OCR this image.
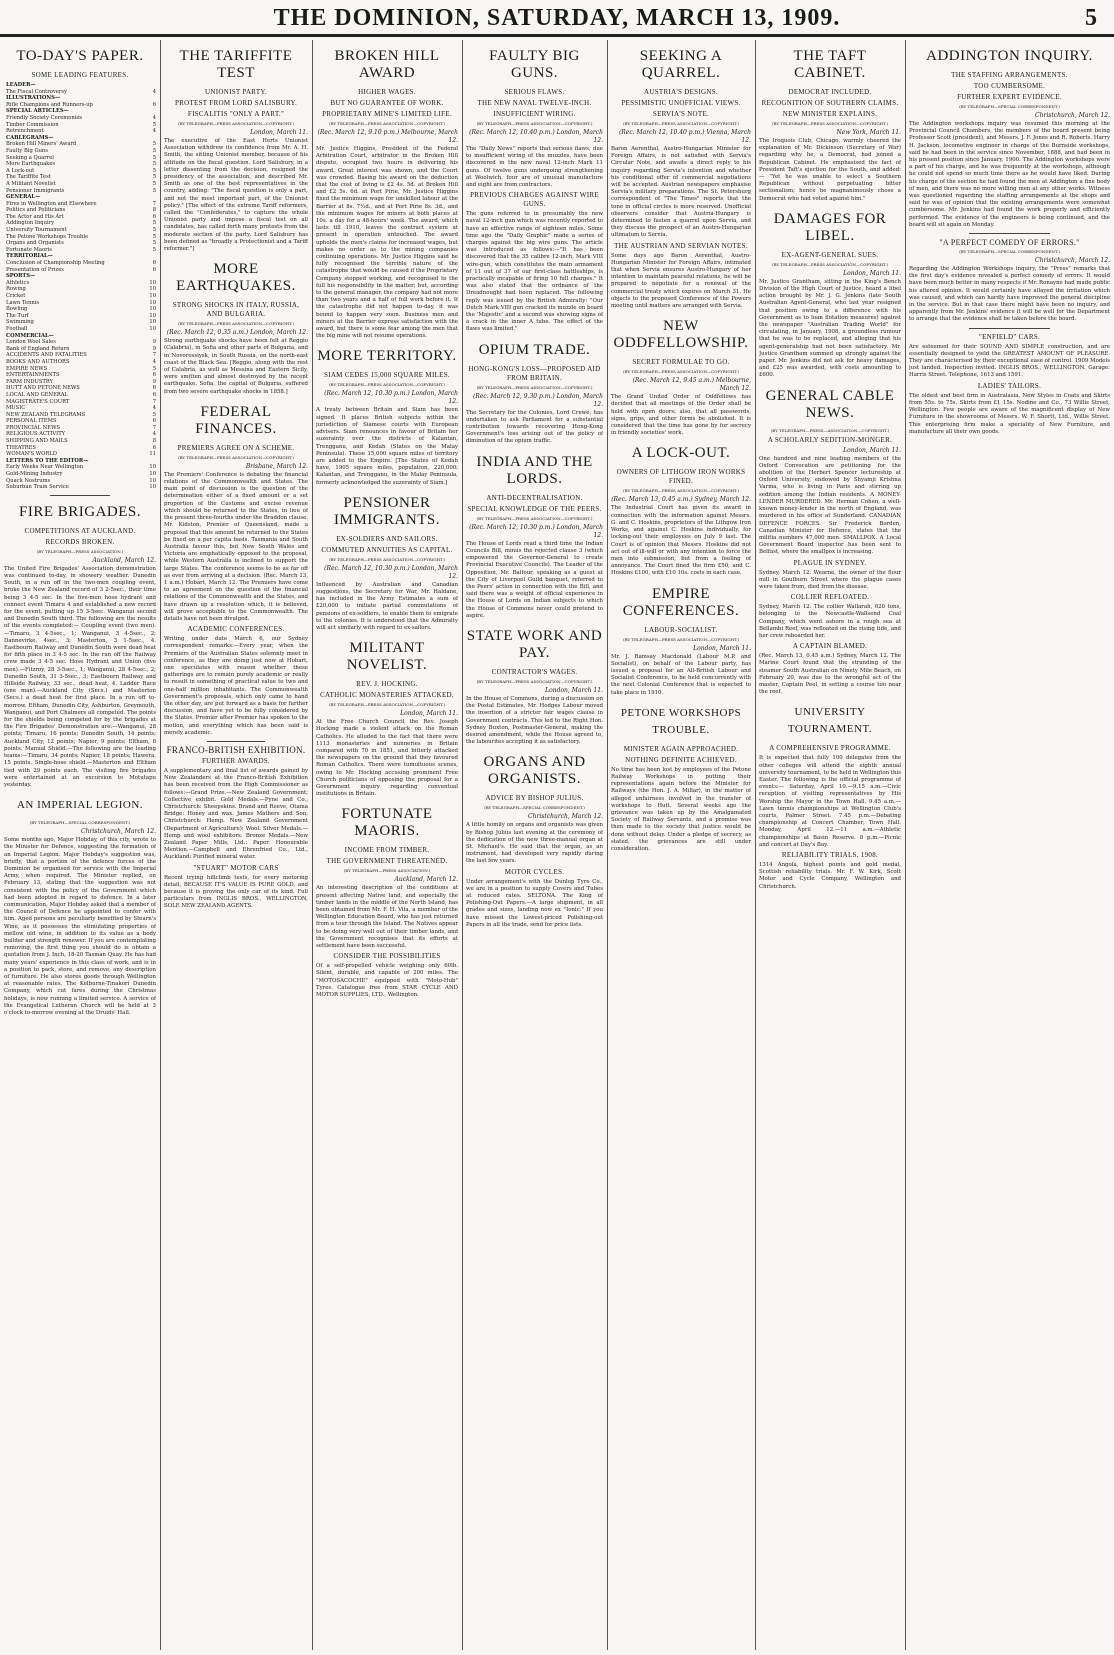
THE DOMINION, SATURDAY, MARCH 13, 1909.	5
TO-DAY'S PAPER.
SOME LEADING FEATURES.
LEADER—
The Fiscal Controversy	4
ILLUSTRATIONS—
Rifle Champions and Runners-up	6
SPECIAL ARTICLES—
Friendly Society Ceremonies	4
Timber Commission	5
Retrenchment	4
CABLEGRAMS—
Broken Hill Miners' Award	5
Faulty Big Guns	5
Seeking a Quarrel	5
More Earthquakes	5
A Lock-out	5
The Tariffite Test	5
A Militant Novelist	5
Pensioner Immigrants	5
GENERAL—
Fires in Wellington and Elsewhere	7
Politics and Politicians	8
The Actor and His Art	6
Addington Inquiry	5
University Tournament	5
The Petone Workshops Trouble	5
Organs and Organists	5
Fortunate Maoris	5
TERRITORIAL—
Conclusion of Championship Meeting	6
Presentation of Prizes	6
SPORTS—
Athletics	10
Rowing	10
Cricket	10
Lawn Tennis	10
Bowling	10
The Turf	10
Swimming	10
Football	10
COMMERCIAL—
London Wool Sales	9
Bank of England Return	9
ACCIDENTS AND FATALITIES	7
BOOKS AND AUTHORS	4
EMPIRE NEWS	5
ENTERTAINMENTS	6
FARM INDUSTRY	9
HUTT AND PETONE NEWS	6
LOCAL AND GENERAL	6
MAGISTRATE'S COURT	7
MUSIC	4
NEW ZEALAND TELEGRAMS	5
PERSONAL ITEMS	6
PROVINCIAL NEWS	7
RELIGIOUS ACTIVITY	4
SHIPPING AND MAILS	8
THEATRES	6
WOMAN'S WORLD	11
LETTERS TO THE EDITOR—
Early Weeks Near Wellington	10
Gold-Mining Industry	10
Quack Nostrums	10
Suburban Train Service	10
FIRE BRIGADES.
COMPETITIONS AT AUCKLAND.
RECORDS BROKEN.
(BY TELEGRAPH—PRESS ASSOCIATION.)
Auckland, March 12.

The United Fire Brigades' Association demonstration was continued to-day, in showery weather. Dunedin South, in a run off in the two-men coupling event, broke the New Zealand record of 3 2-5sec., their time being 3 4-5 sec. In the five-men hose hydrant and connect event Timaru 4 and established a new record for the event, putting up 15 3-5sec. Wanganui second and Dunedin South third. The following are the results of the events completed:— Coupling event (two men).—Timaru, 3 4-5sec., 1; Wanganui, 3 4-5sec., 2; Dannevirke, 4sec., 3; Masterton, 3 1-5sec., 4. Eastbourn Railway and Dunedin South were dead heat for fifth place in 3 4-5 sec. In the run off the Railway crew made 3 4-5 sec. Hose Hydrant and Union (five men).—Fitzroy, 28 3-5sec., 1; Wanganui, 28 4-5sec., 2; Dunedin South, 31 3-5sec., 3; Eastbourn Railway and Hillside Railway, 33 sec., dead heat, 4. Ladder Race (one man).—Auckland City (Secs.) and Masterton (Secs.) a dead heat for first place. In a run off to-morrow. Eltham, Dunedin City, Ashburton, Greymouth, Wanganui, and Port Chalmers all competed. The points for the shields being competed for by the brigades at the Fire Brigades' Demonstration are:—Wanganui, 28 points; Timaru, 16 points; Dunedin South, 14 points; Auckland City, 12 points; Napier, 9 points; Eltham, 8 points. Manual Shield.—The following are the leading teams:—Timaru, 34 points; Napier, 18 points; Hawera, 15 points. Single-hose shield.—Masterton and Eltham tied with 29 points each. The visiting fire brigades were entertained at an excursion to Motutapu yesterday.

AN IMPERIAL LEGION.
(BY TELEGRAPH—SPECIAL CORRESPONDENT.)
Christchurch, March 12.

Some months ago, Major Hobday, of this city, wrote to the Minister for Defence, suggesting the formation of an Imperial Legion. Major Hobday's suggestion was, briefly, that a portion of the defence forces of the Dominion be organised for service with the Imperial Army, when required. The Minister replied, on February 13, stating that the suggestion was not consistent with the policy of the Government which had been adopted in regard to defence. In a later communication, Major Hobday asked that a member of the Council of Defence be appointed to confer with him. Aged persons are peculiarly benefited by Stearn's Wine, as it possesses the stimulating properties of mellow old wine, in addition to its value as a body builder and strength renewer. If you are contemplating removing, the first thing you should do is obtain a quotation from J. Inch, 18-20 Tasman Quay. He has had many years' experience in this class of work, and is in a position to pack, store, and remove, any description of furniture. He also stores goods through Wellington at reasonable rates. The Kelburne-Tinakori Dunedin Company, which cut fares during the Christmas holidays, is now running a limited service. A service of the Evangelical Lutheran Church will be held at 3 o'clock to-morrow evening at the Druids' Hall.

THE TARIFFITE TEST
UNIONIST PARTY.
PROTEST FROM LORD SALISBURY.
FISCALITIS "ONLY A PART."
(BY TELEGRAPH—PRESS ASSOCIATION—COPYRIGHT.)
London, March 11.

The executive of the East Herts Unionist Association withdrew its confidence from Mr. A. H. Smith, the sitting Unionist member, because of his attitude on the fiscal question. Lord Salisbury, in a letter dissenting from the decision, resigned the presidency of the association, and described Mr. Smith as one of the best representatives in the country, adding: "The fiscal question is only a part, and not the most important part, of the Unionist policy." [The effect of the extreme Tariff reformers, called the "Confederates," to capture the whole Unionist party and impose a fiscal test on all candidates, has called forth many protests from the moderate section of the party. Lord Salisbury has been defined as "broadly a Protectionist and a Tariff reformer."]

MORE EARTHQUAKES.
STRONG SHOCKS IN ITALY, RUSSIA, AND BULGARIA.
(BY TELEGRAPH—PRESS ASSOCIATION—COPYRIGHT.)
(Rec. March 12, 0.35 a.m.) London, March 12.

Strong earthquake shocks have been felt at Reggio (Calabria), in Sofia and other parts of Bulgaria, and in Novorossiysk, in South Russia, on the north-east coast of the Black Sea. [Reggio, along with the rest of Calabria, as well as Messina and Eastern Sicily, were smitten and almost destroyed by the recent earthquake. Sofia, the capital of Bulgaria, suffered from two severe earthquake shocks in 1858.]

FEDERAL FINANCES.
PREMIERS AGREE ON A SCHEME.
(BY TELEGRAPH—PRESS ASSOCIATION—COPYRIGHT.)
Brisbane, March 12.

The Premiers' Conference is debating the financial relations of the Commonwealth and States. The main point of discussion is the question of the determination either of a fixed amount or a set proportion of the Customs and excise revenue which should be returned to the States, in lieu of the present three-fourths under the Braddon clause. Mr. Kidston, Premier of Queensland, made a proposal that this amount be returned to the States be fixed on a per capita basis. Tasmania and South Australia favour this, but New South Wales and Victoria are emphatically opposed to the proposal, while Western Australia is inclined to support the large States. The conference seems to be as far off as ever from arriving at a decision. (Rec. March 13, 1 a.m.) Hobart, March 12. The Premiers have come to an agreement on the question of the financial relations of the Commonwealth and the States, and have drawn up a resolution which, it is believed, will prove acceptable to the Commonwealth. The details have not been divulged.

ACADEMIC CONFERENCES.

Writing under date March 6, our Sydney correspondent remarks:—Every year, when the Premiers of the Australian States solemnly meet in conference, as they are doing just now at Hobart, one speculates with reason whether these gatherings are to remain purely academic or really to result in something of practical value to two and one-half million inhabitants. The Commonwealth Government's proposals, which only came to hand the other day, are put forward as a basis for further discussion, and have yet to be fully considered by the States. Premier after Premier has spoken to the motion, and everything which has been said is merely academic.

FRANCO-BRITISH EXHIBITION.
FURTHER AWARDS.

A supplementary and final list of awards gained by New Zealanders at the Franco-British Exhibition has been received from the High Commissioner as follows:—Grand Prize.—New Zealand Government; Collective exhibit. Gold Medals.—Pyne and Co., Christchurch: Sheepskins. Brand and Reeve, Otama Bridge: Honey and wax. James Mathers and Son, Christchurch: Hemp. New Zealand Government (Department of Agriculture): Wool. Silver Medals.—Hemp and wool exhibitors. Bronze Medals.—New Zealand Paper Mills, Ltd.: Paper. Honourable Mention.—Campbell and Ehrenfried Co., Ltd., Auckland: Purified mineral water.

"STUART" MOTOR CARS

Recent trying hillclimb tests, for every motoring detail, BECAUSE IT'S VALUE IS PURE GOLD, and because it is proving the only car of its kind. Full particulars from INGLIS BROS., WELLINGTON, SOLE NEW ZEALAND AGENTS.

BROKEN HILL AWARD
HIGHER WAGES.
BUT NO GUARANTEE OF WORK.
PROPRIETARY MINE'S LIMITED LIFE.
(BY TELEGRAPH—PRESS ASSOCIATION—COPYRIGHT.)
(Rec. March 12, 9.10 p.m.) Melbourne, March 12.

Mr. Justice Higgins, President of the Federal Arbitration Court, arbitrator in the Broken Hill dispute, occupied two hours in delivering his award. Great interest was shown, and the Court was crowded. Basing his award on the deduction that the cost of living is £2 4s. 5d. at Broken Hill and £2 5s. 6d. at Port Pirie, Mr. Justice Higgins fixed the minimum wage for unskilled labour at the Barrier at 8s. 7½d., and at Port Pirie 8s. 3d., and the minimum wages for miners at both places at 10s. a day for a 48-hours' week. The award, which lasts till 1910, leaves the contract system at present in operation untouched. The award upholds the men's claims for increased wages, but makes no order as to the mining companies continuing operations. Mr. Justice Higgins said he fully recognised the terrible nature of the catastrophe that would be caused if the Proprietary Company stopped working, and recognised to the full his responsibility in the matter; but, according to the general manager, the company had not more than two years and a half of full work before it. If the catastrophe did not happen to-day, it was bound to happen very soon. Business men and miners at the Barrier express satisfaction with the award, but there is some fear among the men that the big mine will not resume operations.

MORE TERRITORY.
SIAM CEDES 15,000 SQUARE MILES.
(BY TELEGRAPH—PRESS ASSOCIATION—COPYRIGHT.)
(Rec. March 12, 10.30 p.m.) London, March 12.

A treaty between Britain and Siam has been signed. It places British subjects within the jurisdiction of Siamese courts with European advisers. Siam renounces in favour of Britain her suzerainty over the districts of Kalantan, Trengganu, and Kedah (States on the Malay Peninsula). These 15,000 square miles of territory are added to the Empire. [The States of Kedah have, 1905 square miles, population, 220,000; Kalantan, and Trengganu, in the Malay Peninsula, formerly acknowledged the suzerainty of Siam.]

PENSIONER IMMIGRANTS.
EX-SOLDIERS AND SAILORS.
COMMUTED ANNUITIES AS CAPITAL.
(BY TELEGRAPH—PRESS ASSOCIATION—COPYRIGHT.)
(Rec. March 12, 10.30 p.m.) London, March 12.

Influenced by Australian and Canadian suggestions, the Secretary for War, Mr. Haldane, has included in the Army Estimates a sum of £20,000 to initiate partial commutations of pensions of ex-soldiers, to enable them to emigrate to the colonies. It is understood that the Admiralty will act similarly with regard to ex-sailors.

MILITANT NOVELIST.
REV. J. HOCKING.
CATHOLIC MONASTERIES ATTACKED.
(BY TELEGRAPH—PRESS ASSOCIATION—COPYRIGHT.)
London, March 11.

At the Free Church Council the Rev. Joseph Hocking made a violent attack on the Roman Catholics. He alluded to the fact that there were 1113 monasteries and nunneries in Britain compared with 70 in 1851, and bitterly attacked the newspapers on the ground that they favoured Roman Catholics. There were tumultuous scenes, owing to Mr. Hocking accusing prominent Free Church politicians of opposing the proposal for a Government inquiry regarding conventual institutions in Britain.

FORTUNATE MAORIS.
INCOME FROM TIMBER.
THE GOVERNMENT THREATENED.
(BY TELEGRAPH—PRESS ASSOCIATION.)
Auckland, March 12.

An interesting description of the conditions at present affecting Native land, and especially the timber lands in the middle of the North Island, has been obtained from Mr. F. H. Vila, a member of the Wellington Education Board, who has just returned from a tour through the Island. The Natives appear to be doing very well out of their timber lands, and the Government recognises that its efforts at settlement have been successful.

CONSIDER THE POSSIBILITIES

Of a self-propelled vehicle weighing only 60lb. Silent, durable, and capable of 200 miles. The "MOTOSACOCHE" equipped with "Moto-Hub" Tyres. Catalogue free from STAR CYCLE AND MOTOR SUPPLIES, LTD., Wellington.

FAULTY BIG GUNS.
SERIOUS FLAWS.
THE NEW NAVAL TWELVE-INCH.
INSUFFICIENT WIRING.
(BY TELEGRAPH—PRESS ASSOCIATION—COPYRIGHT.)
(Rec. March 12, 10.40 p.m.) London, March 12.

The "Daily News" reports that serious flaws, due to insufficient wiring of the muzzles, have been discovered in the new naval 12-inch Mark 11 guns. Of twelve guns undergoing strengthening at Woolwich, four are of unusual manufacture and eight are from contractors.

PREVIOUS CHARGES AGAINST WIRE GUNS.

The guns referred to in presumably the new naval 12-inch gun which was recently reported to have an effective range of eighteen miles. Some time ago the "Daily Graphic" made a series of charges against the big wire guns. The article was introduced as follows:—"It has been discovered that the 35 calibre 12-inch, Mark VIII wire-gun, which constitutes the main armament of 11 out of 37 of our first-class battleships, is practically incapable of firing 10 full charges." It was also stated that the ordnance of the Dreadnought had been replaced. The following reply was issued by the British Admiralty: "Our Dutch Mark VIII gun cracked its muzzle on board the 'Majestic' and a second was showing signs of a crack in the inner A tube. The effect of the flaws was limited."

OPIUM TRADE.
HONG-KONG'S LOSS—PROPOSED AID FROM BRITAIN.
(BY TELEGRAPH—PRESS ASSOCIATION—COPYRIGHT.)
(Rec. March 12, 9.30 p.m.) London, March 12.

The Secretary for the Colonies, Lord Crewe, has undertaken to ask Parliament for a substantial contribution towards recovering Hong-Kong Government's loss arising out of the policy of diminution of the opium traffic.

INDIA AND THE LORDS.
ANTI-DECENTRALISATION.
SPECIAL KNOWLEDGE OF THE PEERS.
(BY TELEGRAPH—PRESS ASSOCIATION—COPYRIGHT.)
(Rec. March 12, 10.30 p.m.) London, March 12.

The House of Lords read a third time the Indian Councils Bill, minus the rejected clause 3 (which empowered the Governor-General to create Provincial Executive Councils). The Leader of the Opposition, Mr. Balfour, speaking as a guest at the City of Liverpool Guild banquet, referred to the Peers' action in connection with the Bill, and said there was a weight of official experience in the House of Lords on Indian subjects to which the House of Commons never could pretend to aspire.

STATE WORK AND PAY.
CONTRACTOR'S WAGES.
(BY TELEGRAPH—PRESS ASSOCIATION—COPYRIGHT.)
London, March 11.

In the House of Commons, during a discussion on the Postal Estimates, Mr. Hodges Labour moved the insertion of a stricter fair wages clause in Government contracts. This led to the Right Hon. Sydney Buxton, Postmaster-General, making the desired amendment, while the House agreed to, the labourites accepting it as satisfactory.

ORGANS AND ORGANISTS.
ADVICE BY BISHOP JULIUS.
(BY TELEGRAPH—SPECIAL CORRESPONDENT.)
Christchurch, March 12.

A little homily on organs and organists was given by Bishop Julius last evening at the ceremony of the dedication of the new three-manual organ at St. Michael's. He said that the organ, as an instrument, had developed very rapidly during the last few years.

MOTOR CYCLES.

Under arrangement's with the Dunlop Tyre Co., we are in a position to supply Covers and Tubes at reduced rates. SELTONA. The King of Polishing-Out Papers.—A large shipment, in all grades and sizes, landing now ex "Ionic." If you have missed the Lowest-priced Polishing-out Papers in all the trade, send for price lists.

SEEKING A QUARREL.
AUSTRIA'S DESIGNS.
PESSIMISTIC UNOFFICIAL VIEWS.
SERVIA'S NOTE.
(BY TELEGRAPH—PRESS ASSOCIATION—COPYRIGHT.)
(Rec. March 12, 10.40 p.m.) Vienna, March 12.

Baron Aerenthal, Austro-Hungarian Minister for Foreign Affairs, is not satisfied with Servia's Circular Note, and awaits a direct reply to his inquiry regarding Servia's intention and whether his conditional offer of commercial negotiations will be accepted. Austrian newspapers emphasise Servia's military preparations. The St. Petersburg correspondent of "The Times" reports that the tone in official circles is more reserved. Unofficial observers consider that Austria-Hungary is determined to fasten a quarrel upon Servia, and they discuss the prospect of an Austro-Hungarian ultimatum to Servia.

THE AUSTRIAN AND SERVIAN NOTES.

Some days ago Baron Aerenthal, Austro-Hungarian Minister for Foreign Affairs, intimated that when Servia ensures Austro-Hungary of her intention to maintain peaceful relations, he will be prepared to negotiate for a renewal of the commercial treaty which expires on March 31. He objects to the proposed Conference of the Powers meeting until matters are arranged with Servia.

NEW ODDFELLOWSHIP.
SECRET FORMULAE TO GO.
(BY TELEGRAPH—PRESS ASSOCIATION—COPYRIGHT.)
(Rec. March 12, 9.45 a.m.) Melbourne, March 12.

The Grand United Order of Oddfellows has decided that all meetings of the Order shall be held with open doors; also, that all passwords, signs, grips, and other forms be abolished. It is considered that the time has gone by for secrecy in friendly societies' work.

A LOCK-OUT.
OWNERS OF LITHGOW IRON WORKS FINED.
(BY TELEGRAPH—PRESS ASSOCIATION—COPYRIGHT.)
(Rec. March 13, 0.45 a.m.) Sydney, March 12.

The Industrial Court has given its award in connection with the information against Messrs. G. and C. Hoskins, proprietors of the Lithgow Iron Works, and against C. Hoskins individually, for locking-out their employees on July 9 last. The Court is of opinion that Messrs. Hoskins did not act out of ill-will or with any intention to force the men into submission, but from a feeling of annoyance. The Court fined the firm £50, and C. Hoskins £100, with £10 10s. costs in each case.

EMPIRE CONFERENCES.
LABOUR-SOCIALIST.
(BY TELEGRAPH—PRESS ASSOCIATION—COPYRIGHT.)
London, March 11.

Mr. J. Ramsay Macdonald (Labour M.P. and Socialist), on behalf of the Labour party, has issued a proposal for an All-British Labour and Socialist Conference, to be held concurrently with the next Colonial Conference that is expected to take place in 1910.

PETONE WORKSHOPS TROUBLE.
MINISTER AGAIN APPROACHED.
NOTHING DEFINITE ACHIEVED.

No time has been lost by employees of the Petone Railway Workshops in putting their representations again before the Minister for Railways (the Hon. J. A. Millar), in the matter of alleged unfairness involved in the transfer of workshops to Hutt. Several weeks ago the grievance was taken up by the Amalgamated Society of Railway Servants, and a promise was then made to the society that justice would be done without delay. Under a pledge of secrecy, as stated, the grievances are still under consideration.

THE TAFT CABINET.
DEMOCRAT INCLUDED.
RECOGNITION OF SOUTHERN CLAIMS.
NEW MINISTER EXPLAINS.
(BY TELEGRAPH—PRESS ASSOCIATION—COPYRIGHT.)
New York, March 11.

The Iroquois Club, Chicago, warmly cheered the explanation of Mr. Dickinson (Secretary of War) regarding why he, a Democrat, had joined a Republican Cabinet. He emphasised the fact of President Taft's ejection for the South, and added:— "Yet he was unable to select a Southern Republican without perpetuating bitter sectionalism; hence he magnanimously chose a Democrat who had voted against him."

DAMAGES FOR LIBEL.
EX-AGENT-GENERAL SUES.
(BY TELEGRAPH—PRESS ASSOCIATION—COPYRIGHT.)
London, March 11.

Mr. Justice Grantham, sitting in the King's Bench Division of the High Court of Justice, heard a libel action brought by Mr. J. G. Jenkins (late South Australian Agent-General, who last year resigned that position owing to a difference with his Government as to loan flotation measures) against the newspaper "Australian Trading World" for circulating, in January, 1908, a groundless rumour that he was to be replaced, and alleging that his agent-generalship had not been satisfactory. Mr. Justice Grantham summed up strongly against the paper. Mr. Jenkins did not ask for heavy damages, and £25 was awarded, with costs amounting to £600.

GENERAL CABLE NEWS.
(BY TELEGRAPH—PRESS—ASSOCIATION—COPYRIGHT.)
A SCHOLARLY SEDITION-MONGER.
London, March 11.

One hundred and nine leading members of the Oxford Convocation are petitioning for the abolition of the Herbert Spencer lectureship at Oxford University, endowed by Shyamji Krishna Varma, who is living in Paris and stirring up sedition among the Indian residents. A MONEY-LENDER MURDERED. Mr. Herman Cohen, a well-known money-lender in the north of England, was murdered in his office at Sunderland. CANADIAN DEFENCE FORCES. Sir Frederick Borden, Canadian Minister for Defence, states that the militia numbers 47,000 men. SMALLPOX. A Local Government Board inspector has been sent to Belfast, where the smallpox is increasing.

PLAGUE IN SYDNEY.

Sydney, March 12. Wearne, the owner of the flour mill in Goulburn Street where the plague cases were taken from, died from the disease.

COLLIER REFLOATED.

Sydney, March 12. The collier Wallarah, 620 tons, belonging to the Newcastle-Wallsend Coal Company, which went ashore in a rough sea at Bellambi Reef, was refloated on the rising tide, and her crew reboarded her.

A CAPTAIN BLAMED.

(Rec. March 13, 0.45 a.m.) Sydney, March 12. The Marine Court found that the stranding of the steamer South Australian on Ninety Mile Beach, on February 20, was due to the wrongful act of the master, Captain Peel, in setting a course too near the reef.

UNIVERSITY TOURNAMENT.
A COMPREHENSIVE PROGRAMME.

It is expected that fully 100 delegates from the other colleges will attend the eighth annual university tournament, to be held in Wellington this Easter. The following is the official programme of events:— Saturday, April 10.—9.15 a.m.—Civic reception of visiting representatives by His Worship the Mayor in the Town Hall. 9.45 a.m.—Lawn tennis championships at Wellington Club's courts, Palmer Street. 7.45 p.m.—Debating championship at Concert Chamber, Town Hall. Monday, April 12.—11 a.m.—Athletic championships at Basin Reserve. 8 p.m.—Picnic and concert at Day's Bay.

RELIABILITY TRIALS, 1908.

1314 Angola, highest points and gold medal, Scottish reliability trials. Mr. F. W. Kirk, Scott Motor and Cycle Company, Wellington and Christchurch.

ADDINGTON INQUIRY.
THE STAFFING ARRANGEMENTS.
TOO CUMBERSOME.
FURTHER EXPERT EVIDENCE.
(BY TELEGRAPH—SPECIAL CORRESPONDENT.)
Christchurch, March 12.

The Addington workshops inquiry was resumed this morning at the Provincial Council Chambers, the members of the board present being Professor Scott (president), and Messrs. J. F. Jones and R. Roberts. Harry H. Jackson, locomotive engineer in charge of the Burnside workshops, said he had been in the service since November, 1888, and had been in his present position since January, 1900. The Addington workshops were a part of his charge, and he was frequently at the workshops, although he could not spend so much time there as he would have liked. During his charge of the section he had found the men at Addington a fine body of men, and there was no more willing men at any other works. Witness was questioned regarding the staffing arrangements at the shops and said he was of opinion that the existing arrangements were somewhat cumbersome. Mr. Jenkins had found the work properly and efficiently performed. The evidence of the engineers is being continued, and the board will sit again on Monday.

"A PERFECT COMEDY OF ERRORS."
(BY TELEGRAPH—SPECIAL CORRESPONDENT.)
Christchurch, March 12.

Regarding the Addington Workshops inquiry, the "Press" remarks that the first day's evidence revealed a perfect comedy of errors. It would have been much better in many respects if Mr. Ronayne had made public his altered opinion. It would certainly have allayed the irritation which was caused, and which can hardly have improved the general discipline in the service. But in that case there might have been no inquiry, and apparently from Mr. Jenkins' evidence it will be well for the Department to arrange that the evidence shall be taken before the board.

"ENFIELD" CARS.

Are esteemed for their SOUND AND SIMPLE construction, and are essentially designed to yield the GREATEST AMOUNT OF PLEASURE. They are characterised by their exceptional ease of control. 1909 Models just landed. Inspection invited. INGLIS BROS., WELLINGTON. Garage: Harris Street. Telephone, 1613 and 1591.

LADIES' TAILORS.

The oldest and best firm in Australasia. New Styles in Coats and Skirts from 55s. to 75s. Skirts from £1 15s. Nodine and Co., 73 Willis Street, Wellington. Few people are aware of the magnificent display of New Furniture in the showrooms of Messrs. W. F. Shortt, Ltd., Willis Street. This enterprising firm make a speciality of New Furniture, and manufacture all their own goods.
